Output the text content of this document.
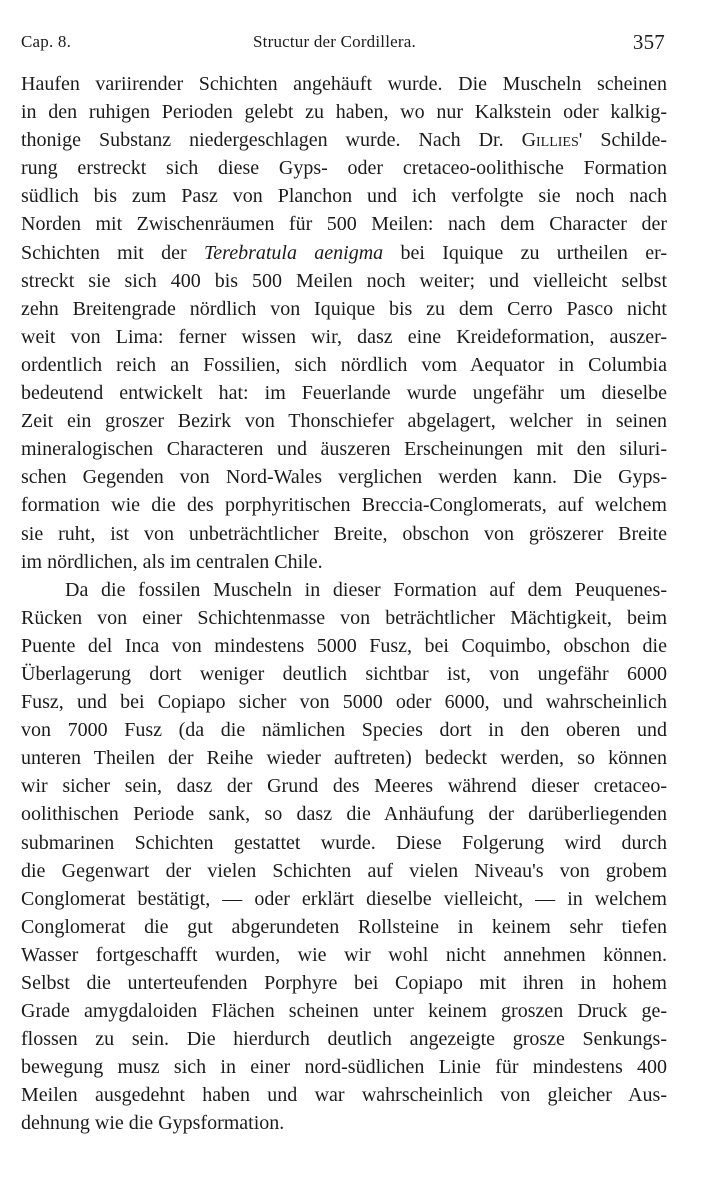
Cap. 8.	Structur der Cordillera.	357
Haufen variirender Schichten angehäuft wurde. Die Muscheln scheinen
in den ruhigen Perioden gelebt zu haben, wo nur Kalkstein oder kalkig-
thonige Substanz niedergeschlagen wurde. Nach Dr. Gillies' Schilde-
rung erstreckt sich diese Gyps- oder cretaceo-oolithische Formation
südlich bis zum Pasz von Planchon und ich verfolgte sie noch nach
Norden mit Zwischenräumen für 500 Meilen: nach dem Character der
Schichten mit der Terebratula aenigma bei Iquique zu urtheilen er-
streckt sie sich 400 bis 500 Meilen noch weiter; und vielleicht selbst
zehn Breitengrade nördlich von Iquique bis zu dem Cerro Pasco nicht
weit von Lima: ferner wissen wir, dasz eine Kreideformation, auszer-
ordentlich reich an Fossilien, sich nördlich vom Aequator in Columbia
bedeutend entwickelt hat: im Feuerlande wurde ungefähr um dieselbe
Zeit ein groszer Bezirk von Thonschiefer abgelagert, welcher in seinen
mineralogischen Characteren und äuszeren Erscheinungen mit den siluri-
schen Gegenden von Nord-Wales verglichen werden kann. Die Gyps-
formation wie die des porphyritischen Breccia-Conglomerats, auf welchem
sie ruht, ist von unbeträchtlicher Breite, obschon von gröszerer Breite
im nördlichen, als im centralen Chile.
Da die fossilen Muscheln in dieser Formation auf dem Peuquenes-
Rücken von einer Schichtenmasse von beträchtlicher Mächtigkeit, beim
Puente del Inca von mindestens 5000 Fusz, bei Coquimbo, obschon die
Überlagerung dort weniger deutlich sichtbar ist, von ungefähr 6000
Fusz, und bei Copiapo sicher von 5000 oder 6000, und wahrscheinlich
von 7000 Fusz (da die nämlichen Species dort in den oberen und
unteren Theilen der Reihe wieder auftreten) bedeckt werden, so können
wir sicher sein, dasz der Grund des Meeres während dieser cretaceo-
oolithischen Periode sank, so dasz die Anhäufung der darüberliegenden
submarinen Schichten gestattet wurde. Diese Folgerung wird durch
die Gegenwart der vielen Schichten auf vielen Niveau's von grobem
Conglomerat bestätigt, — oder erklärt dieselbe vielleicht, — in welchem
Conglomerat die gut abgerundeten Rollsteine in keinem sehr tiefen
Wasser fortgeschafft wurden, wie wir wohl nicht annehmen können.
Selbst die unterteufenden Porphyre bei Copiapo mit ihren in hohem
Grade amygdaloiden Flächen scheinen unter keinem groszen Druck ge-
flossen zu sein. Die hierdurch deutlich angezeigte grosze Senkungs-
bewegung musz sich in einer nord-südlichen Linie für mindestens 400
Meilen ausgedehnt haben und war wahrscheinlich von gleicher Aus-
dehnung wie die Gypsformation.
